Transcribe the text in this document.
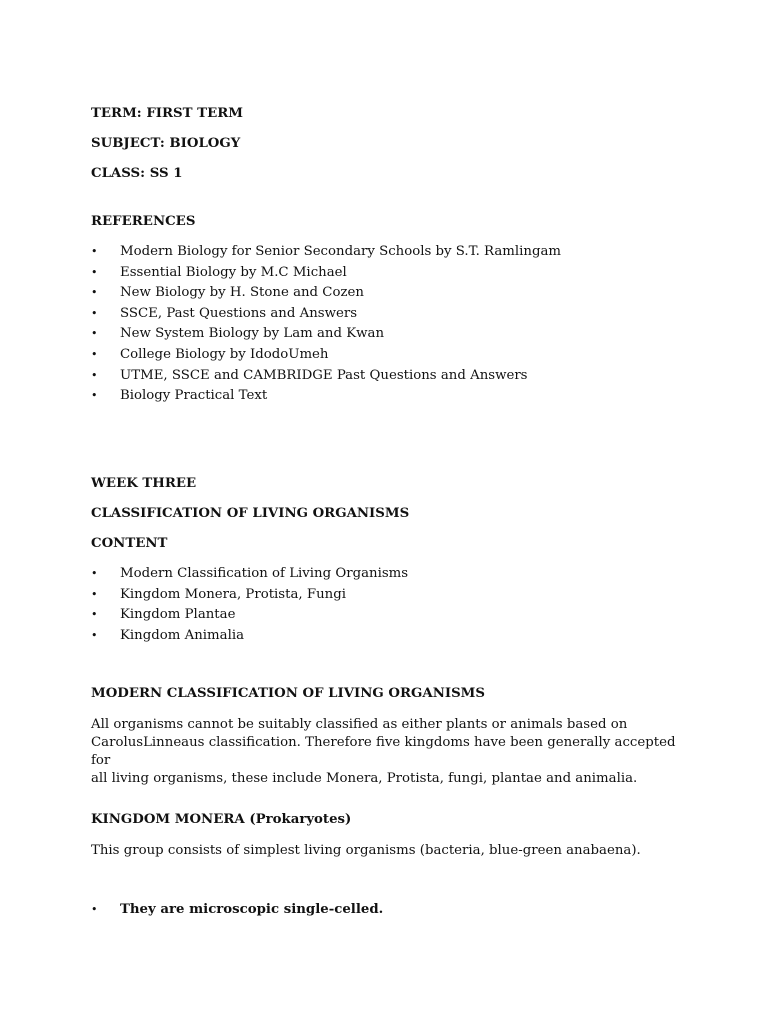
TERM: FIRST TERM
SUBJECT: BIOLOGY
CLASS: SS 1
REFERENCES
• Modern Biology for Senior Secondary Schools by S.T. Ramlingam
• Essential Biology by M.C Michael
• New Biology by H. Stone and Cozen
• SSCE, Past Questions and Answers
• New System Biology by Lam and Kwan
• College Biology by IdodoUmeh
• UTME, SSCE and CAMBRIDGE Past Questions and Answers
• Biology Practical Text
WEEK THREE
CLASSIFICATION OF LIVING ORGANISMS
CONTENT
• Modern Classification of Living Organisms
• Kingdom Monera, Protista, Fungi
• Kingdom Plantae
• Kingdom Animalia
MODERN CLASSIFICATION OF LIVING ORGANISMS
All organisms cannot be suitably classified as either plants or animals based on
CarolusLinneaus classification. Therefore five kingdoms have been generally accepted for
all living organisms, these include Monera, Protista, fungi, plantae and animalia.
KINGDOM MONERA (Prokaryotes)
This group consists of simplest living organisms (bacteria, blue-green anabaena).
• They are microscopic single-celled.
